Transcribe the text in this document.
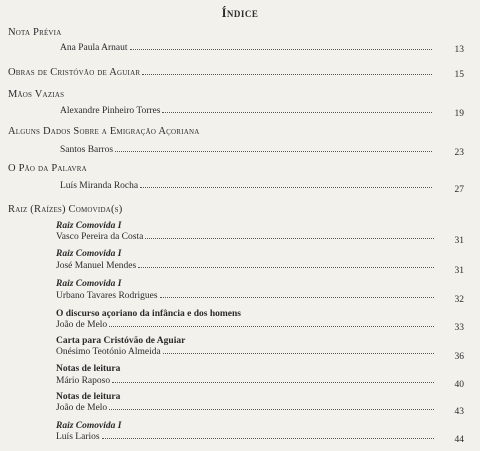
Índice
Nota Prévia
Ana Paula Arnaut	13
Obras de Cristóvão de Aguiar	15
Mãos Vazias
Alexandre Pinheiro Torres	19
Alguns Dados Sobre a Emigração Açoriana
Santos Barros	23
O Pão da Palavra
Luís Miranda Rocha	27
Raiz (Raízes) Comovida(s)
Raiz Comovida I
Vasco Pereira da Costa	31
Raiz Comovida I
José Manuel Mendes	31
Raiz Comovida I
Urbano Tavares Rodrigues	32
O discurso açoriano da infância e dos homens
João de Melo	33
Carta para Cristóvão de Aguiar
Onésimo Teotónio Almeida	36
Notas de leitura
Mário Raposo	40
Notas de leitura
João de Melo	43
Raiz Comovida I
Luís Larios	44
